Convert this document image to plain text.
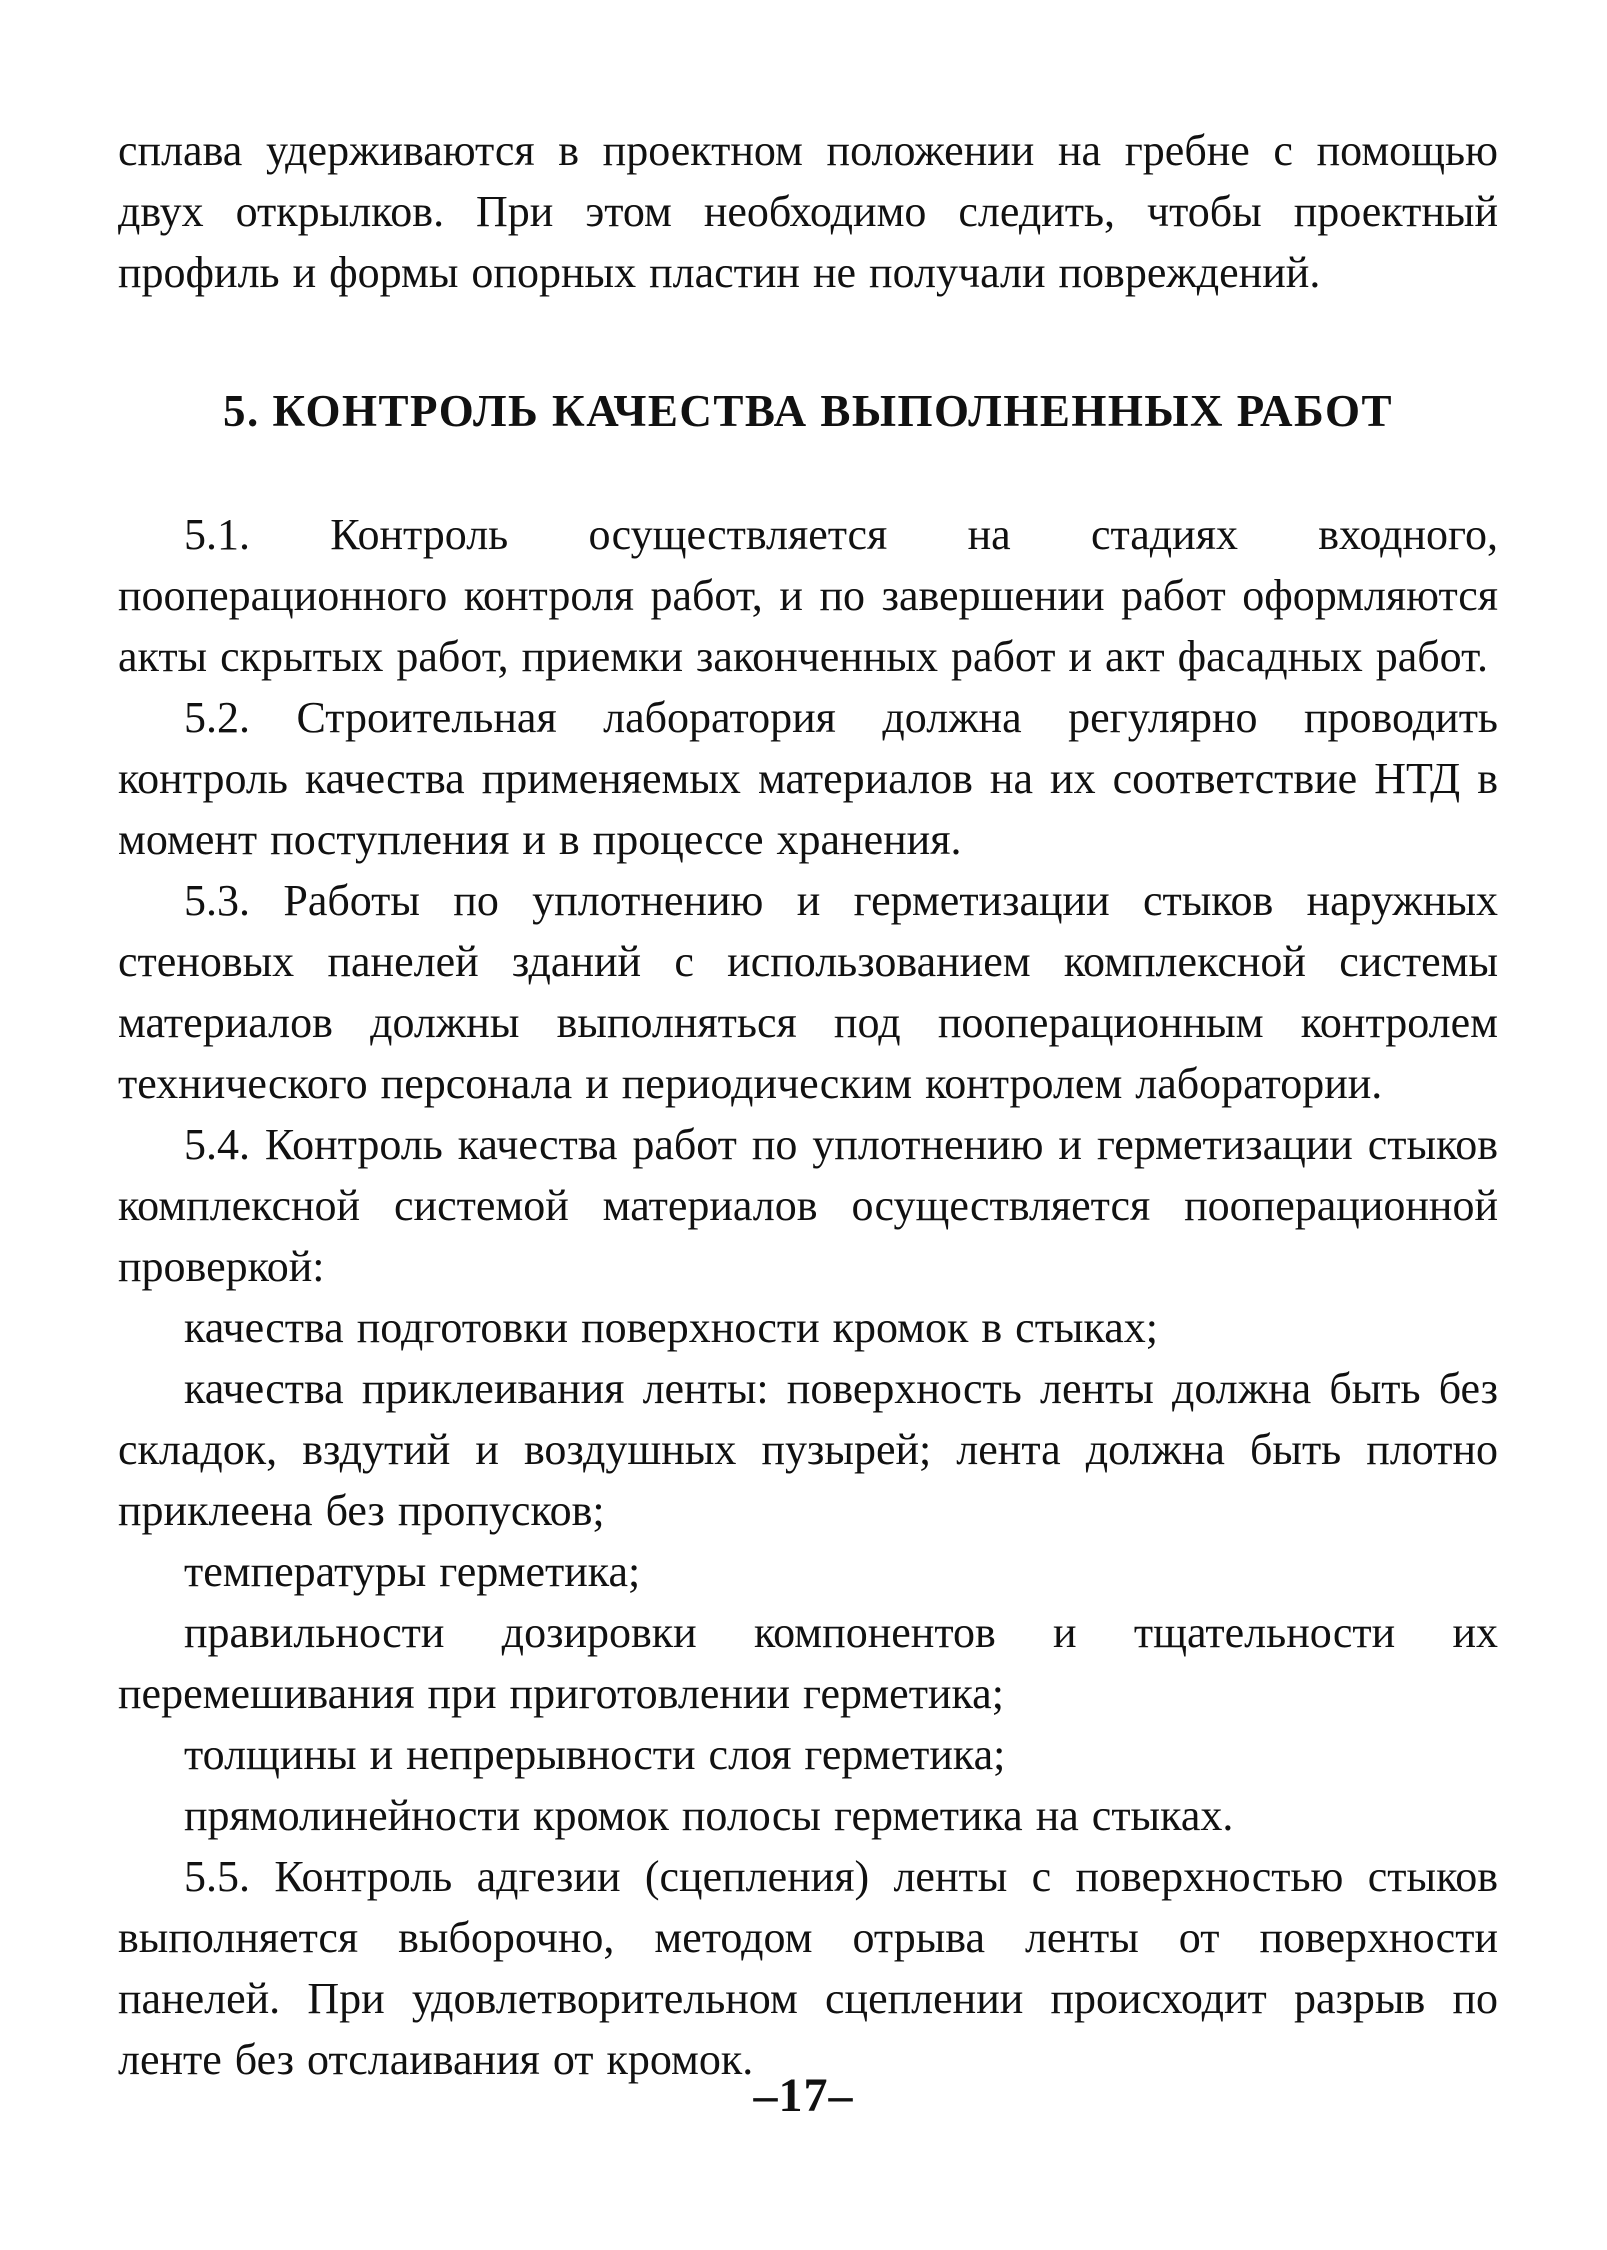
сплава удерживаются в проектном положении на гребне с помощью двух открылков. При этом необходимо следить, чтобы проектный профиль и формы опорных пластин не получали повреждений.

5. КОНТРОЛЬ КАЧЕСТВА ВЫПОЛНЕННЫХ РАБОТ

5.1. Контроль осуществляется на стадиях входного, пооперационного контроля работ, и по завершении работ оформляются акты скрытых работ, приемки законченных работ и акт фасадных работ.

5.2. Строительная лаборатория должна регулярно проводить контроль качества применяемых материалов на их соответствие НТД в момент поступления и в процессе хранения.

5.3. Работы по уплотнению и герметизации стыков наружных стеновых панелей зданий с использованием комплексной системы материалов должны выполняться под пооперационным контролем технического персонала и периодическим контролем лаборатории.

5.4. Контроль качества работ по уплотнению и герметизации стыков комплексной системой материалов осуществляется пооперационной проверкой:

качества подготовки поверхности кромок в стыках;

качества приклеивания ленты: поверхность ленты должна быть без складок, вздутий и воздушных пузырей; лента должна быть плотно приклеена без пропусков;

температуры герметика;

правильности дозировки компонентов и тщательности их перемешивания при приготовлении герметика;

толщины и непрерывности слоя герметика;

прямолинейности кромок полосы герметика на стыках.

5.5. Контроль адгезии (сцепления) ленты с поверхностью стыков выполняется выборочно, методом отрыва ленты от поверхности панелей. При удовлетворительном сцеплении происходит разрыв по ленте без отслаивания от кромок.

–17–
